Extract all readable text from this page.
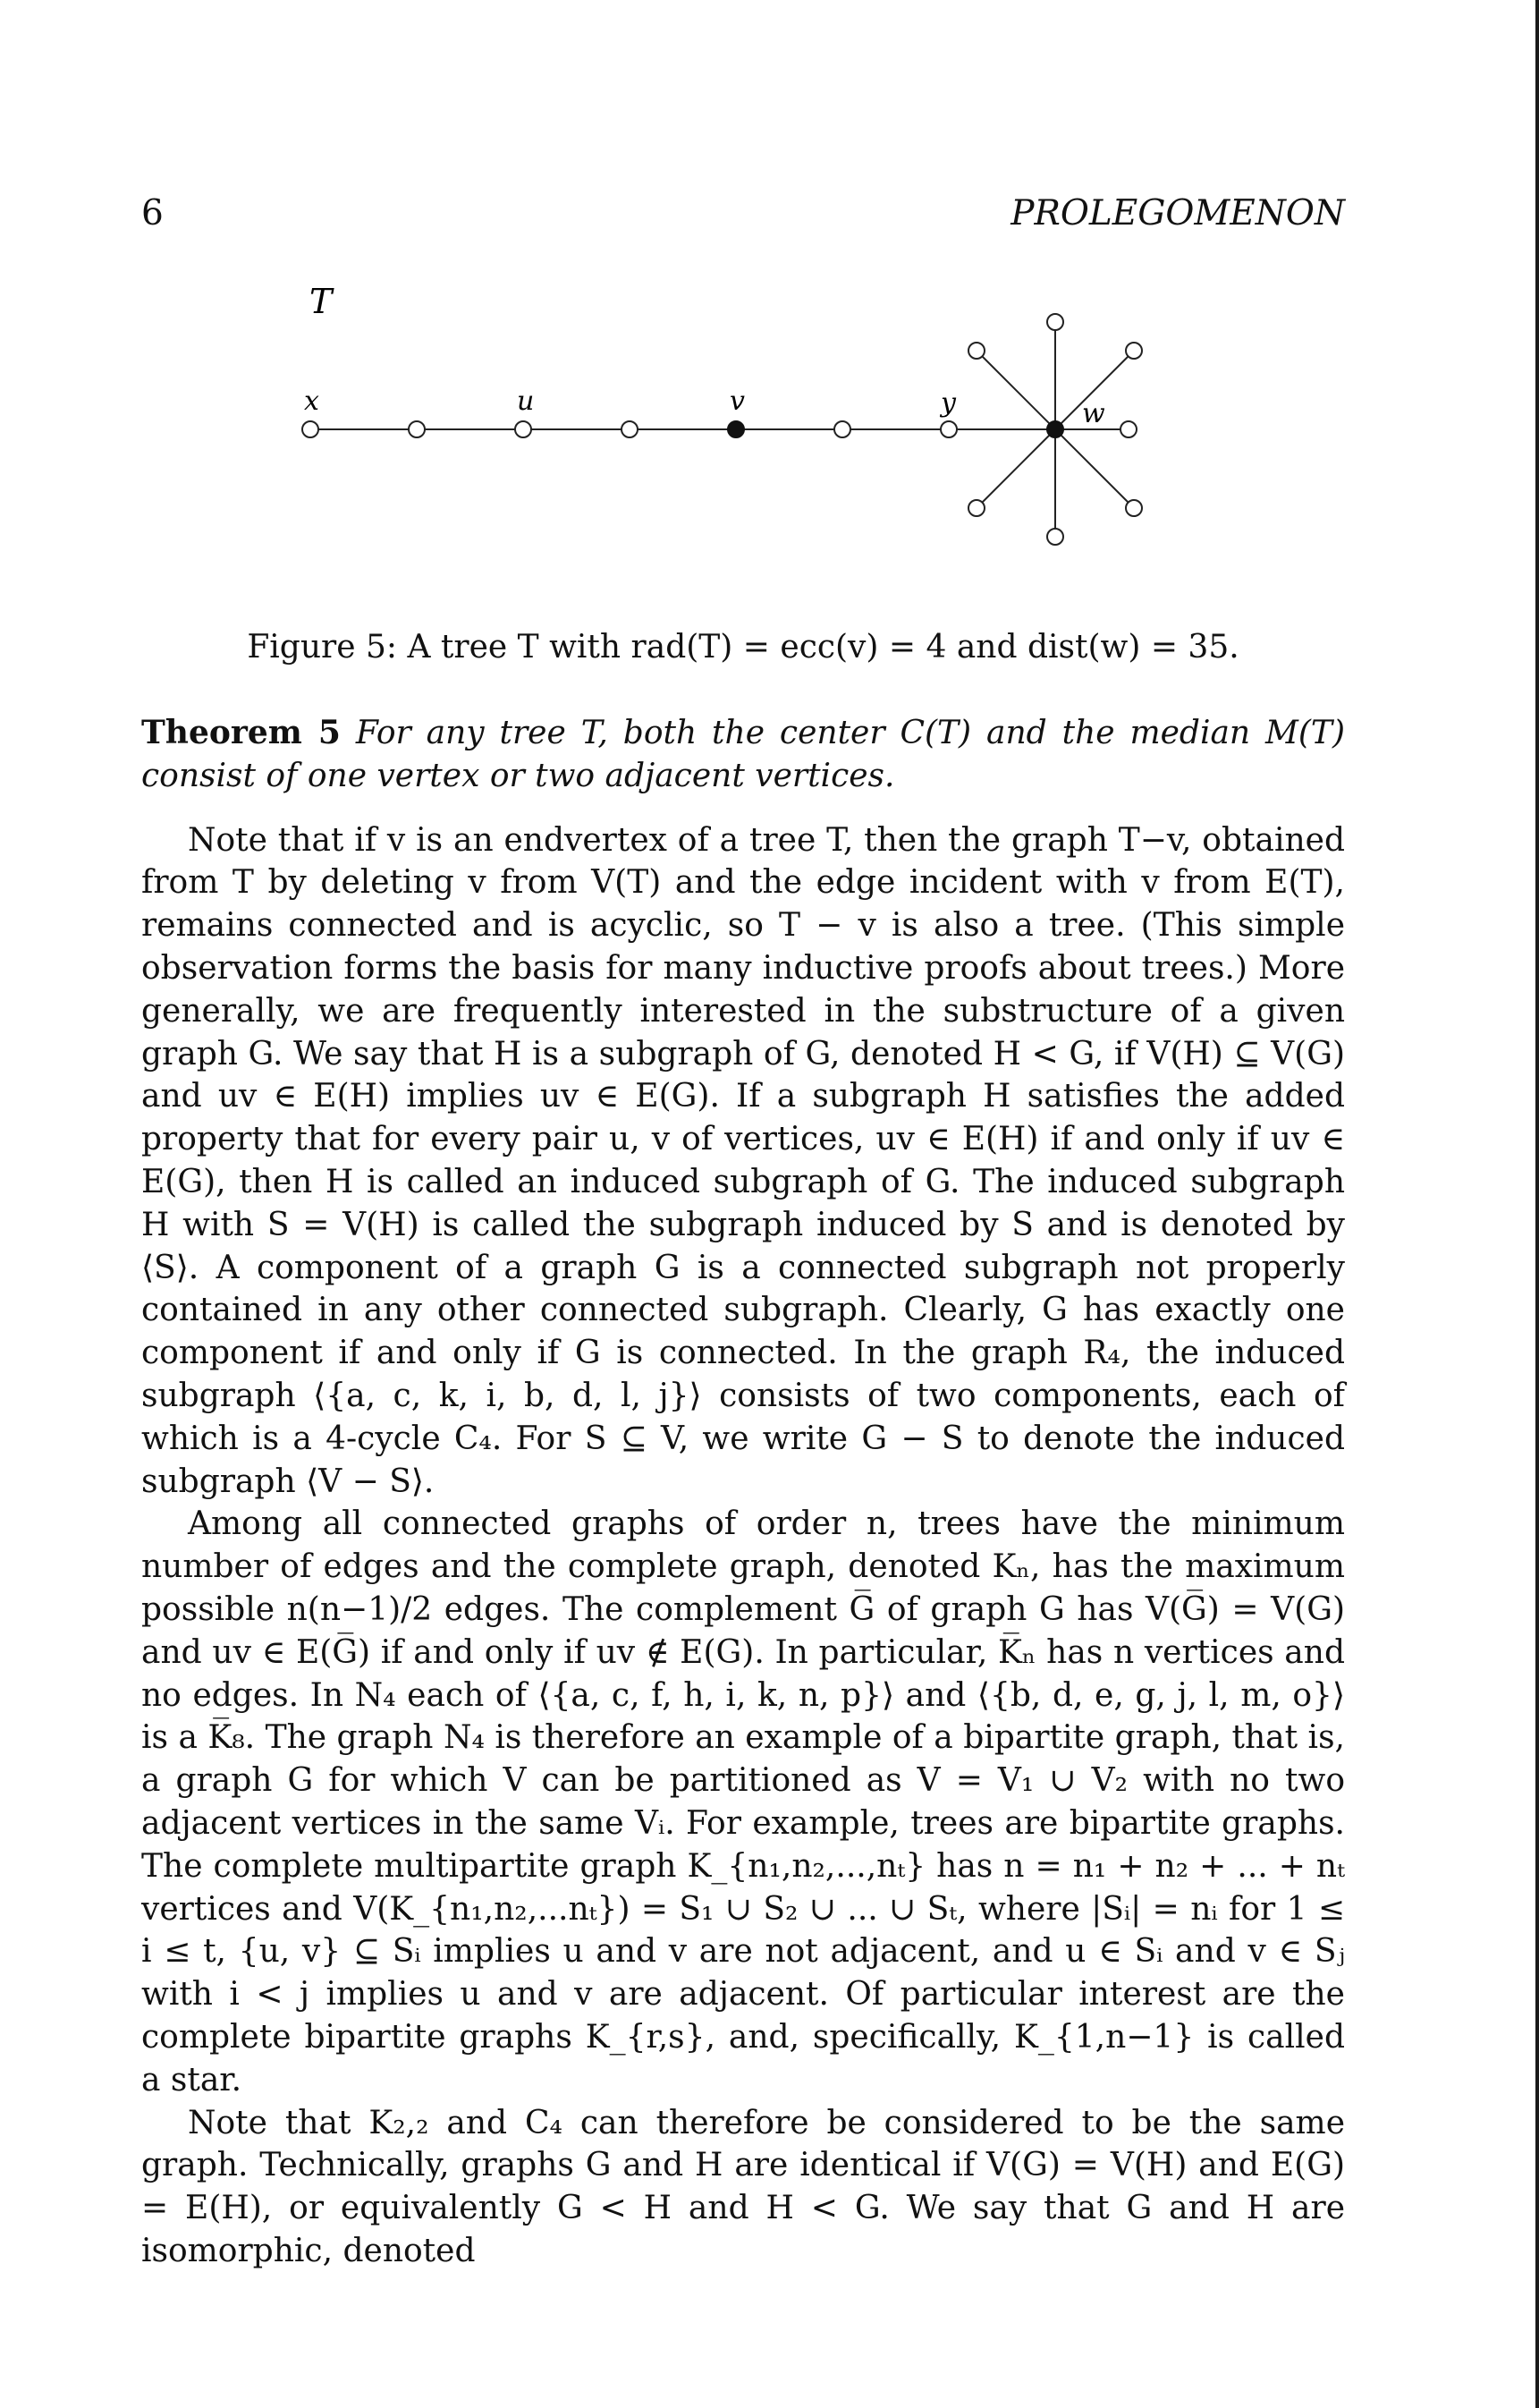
6	PROLEGOMENON
T
x	u	v	y	w
Figure 5: A tree T with rad(T) = ecc(v) = 4 and dist(w) = 35.

Theorem 5 For any tree T, both the center C(T) and the median M(T) consist of one vertex or two adjacent vertices.

Note that if v is an endvertex of a tree T, then the graph T−v, obtained from T by deleting v from V(T) and the edge incident with v from E(T), remains connected and is acyclic, so T − v is also a tree. (This simple observation forms the basis for many inductive proofs about trees.) More generally, we are frequently interested in the substructure of a given graph G. We say that H is a subgraph of G, denoted H < G, if V(H) ⊆ V(G) and uv ∈ E(H) implies uv ∈ E(G). If a subgraph H satisfies the added property that for every pair u, v of vertices, uv ∈ E(H) if and only if uv ∈ E(G), then H is called an induced subgraph of G. The induced subgraph H with S = V(H) is called the subgraph induced by S and is denoted by ⟨S⟩. A component of a graph G is a connected subgraph not properly contained in any other connected subgraph. Clearly, G has exactly one component if and only if G is connected. In the graph R₄, the induced subgraph ⟨{a, c, k, i, b, d, l, j}⟩ consists of two components, each of which is a 4-cycle C₄. For S ⊆ V, we write G − S to denote the induced subgraph ⟨V − S⟩.

Among all connected graphs of order n, trees have the minimum number of edges and the complete graph, denoted Kₙ, has the maximum possible n(n−1)/2 edges. The complement G̅ of graph G has V(G̅) = V(G) and uv ∈ E(G̅) if and only if uv ∉ E(G). In particular, K̅ₙ has n vertices and no edges. In N₄ each of ⟨{a, c, f, h, i, k, n, p}⟩ and ⟨{b, d, e, g, j, l, m, o}⟩ is a K̅₈. The graph N₄ is therefore an example of a bipartite graph, that is, a graph G for which V can be partitioned as V = V₁ ∪ V₂ with no two adjacent vertices in the same Vᵢ. For example, trees are bipartite graphs. The complete multipartite graph K_{n₁,n₂,...,nₜ} has n = n₁ + n₂ + ... + nₜ vertices and V(K_{n₁,n₂,...nₜ}) = S₁ ∪ S₂ ∪ ... ∪ Sₜ, where |Sᵢ| = nᵢ for 1 ≤ i ≤ t, {u, v} ⊆ Sᵢ implies u and v are not adjacent, and u ∈ Sᵢ and v ∈ Sⱼ with i < j implies u and v are adjacent. Of particular interest are the complete bipartite graphs K_{r,s}, and, specifically, K_{1,n−1} is called a star.

Note that K₂,₂ and C₄ can therefore be considered to be the same graph. Technically, graphs G and H are identical if V(G) = V(H) and E(G) = E(H), or equivalently G < H and H < G. We say that G and H are isomorphic, denoted
